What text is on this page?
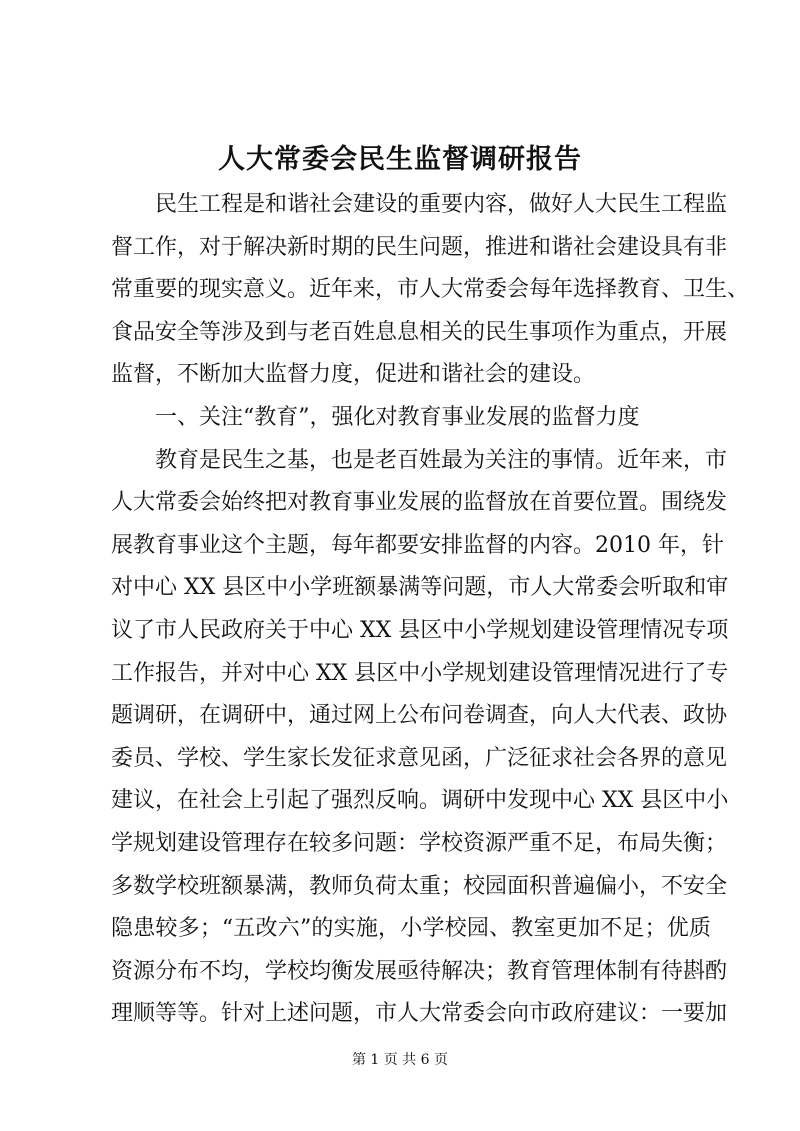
人大常委会民生监督调研报告
民生工程是和谐社会建设的重要内容，做好人大民生工程监
督工作，对于解决新时期的民生问题，推进和谐社会建设具有非
常重要的现实意义。近年来，市人大常委会每年选择教育、卫生、
食品安全等涉及到与老百姓息息相关的民生事项作为重点，开展
监督，不断加大监督力度，促进和谐社会的建设。
一、关注“教育”，强化对教育事业发展的监督力度
教育是民生之基，也是老百姓最为关注的事情。近年来，市
人大常委会始终把对教育事业发展的监督放在首要位置。围绕发
展教育事业这个主题，每年都要安排监督的内容。2010 年，针
对中心 XX 县区中小学班额暴满等问题，市人大常委会听取和审
议了市人民政府关于中心 XX 县区中小学规划建设管理情况专项
工作报告，并对中心 XX 县区中小学规划建设管理情况进行了专
题调研，在调研中，通过网上公布问卷调查，向人大代表、政协
委员、学校、学生家长发征求意见函，广泛征求社会各界的意见
建议，在社会上引起了强烈反响。调研中发现中心 XX 县区中小
学规划建设管理存在较多问题：学校资源严重不足，布局失衡；
多数学校班额暴满，教师负荷太重；校园面积普遍偏小，不安全
隐患较多；“五改六”的实施，小学校园、教室更加不足；优质
资源分布不均，学校均衡发展亟待解决；教育管理体制有待斟酌
理顺等等。针对上述问题，市人大常委会向市政府建议：一要加
第 1 页 共 6 页
